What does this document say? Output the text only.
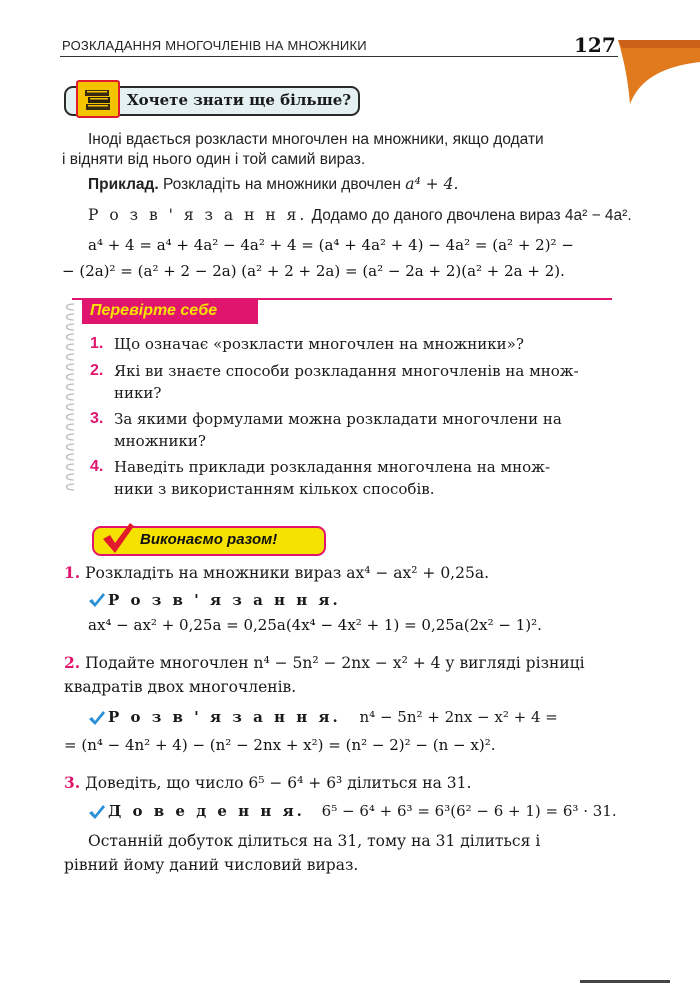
РОЗКЛАДАННЯ МНОГОЧЛЕНІВ НА МНОЖНИКИ	127
Хочете знати ще більше?
Іноді вдається розкласти многочлен на множники, якщо додати
і відняти від нього один і той самий вираз.
Приклад. Розкладіть на множники двочлен a⁴ + 4.
Р о з в ' я з а н н я. Додамо до даного двочлена вираз 4a² − 4a².
a⁴ + 4 = a⁴ + 4a² − 4a² + 4 = (a⁴ + 4a² + 4) − 4a² = (a² + 2)² −
− (2a)² = (a² + 2 − 2a) (a² + 2 + 2a) = (a² − 2a + 2)(a² + 2a + 2).
Перевірте себе
1. Що означає «розкласти многочлен на множники»?
2. Які ви знаєте способи розкладання многочленів на множ-
ники?
3. За якими формулами можна розкладати многочлени на
множники?
4. Наведіть приклади розкладання многочлена на множ-
ники з використанням кількох способів.
Виконаємо разом!
1. Розкладіть на множники вираз ax⁴ − ax² + 0,25a.
Р о з в ' я з а н н я.
ax⁴ − ax² + 0,25a = 0,25a(4x⁴ − 4x² + 1) = 0,25a(2x² − 1)².
2. Подайте многочлен n⁴ − 5n² − 2nx − x² + 4 у вигляді різниці
квадратів двох многочленів.
Р о з в ' я з а н н я. n⁴ − 5n² + 2nx − x² + 4 =
= (n⁴ − 4n² + 4) − (n² − 2nx + x²) = (n² − 2)² − (n − x)².
3. Доведіть, що число 6⁵ − 6⁴ + 6³ ділиться на 31.
Д о в е д е н н я. 6⁵ − 6⁴ + 6³ = 6³(6² − 6 + 1) = 6³ · 31.
Останній добуток ділиться на 31, тому на 31 ділиться і
рівний йому даний числовий вираз.
